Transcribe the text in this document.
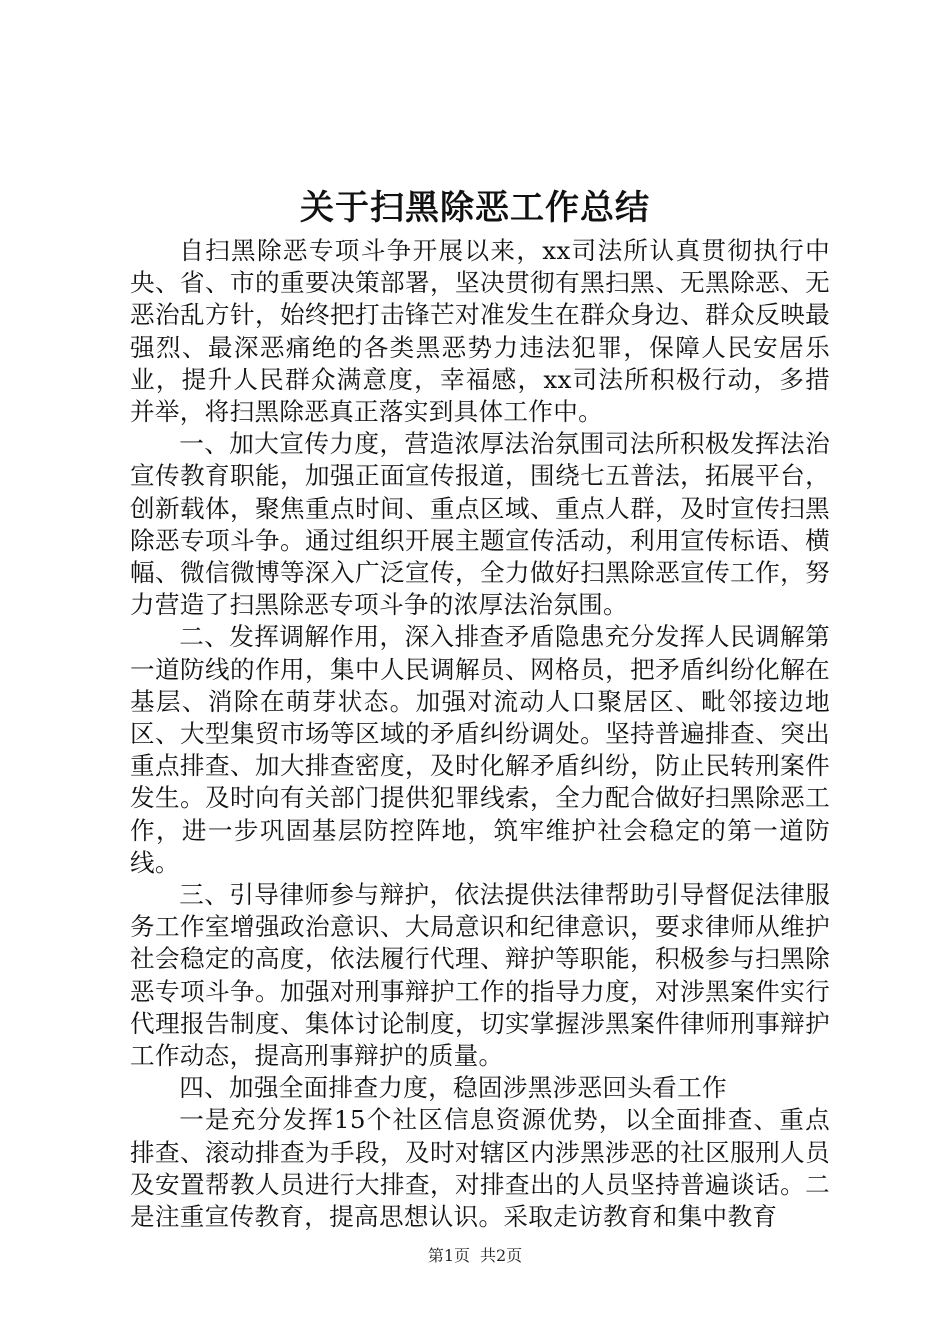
关于扫黑除恶工作总结

自扫黑除恶专项斗争开展以来，xx司法所认真贯彻执行中央、省、市的重要决策部署，坚决贯彻有黑扫黑、无黑除恶、无恶治乱方针，始终把打击锋芒对准发生在群众身边、群众反映最强烈、最深恶痛绝的各类黑恶势力违法犯罪，保障人民安居乐业，提升人民群众满意度，幸福感，xx司法所积极行动，多措并举，将扫黑除恶真正落实到具体工作中。

一、加大宣传力度，营造浓厚法治氛围司法所积极发挥法治宣传教育职能，加强正面宣传报道，围绕七五普法，拓展平台，创新载体，聚焦重点时间、重点区域、重点人群，及时宣传扫黑除恶专项斗争。通过组织开展主题宣传活动，利用宣传标语、横幅、微信微博等深入广泛宣传，全力做好扫黑除恶宣传工作，努力营造了扫黑除恶专项斗争的浓厚法治氛围。

二、发挥调解作用，深入排查矛盾隐患充分发挥人民调解第一道防线的作用，集中人民调解员、网格员，把矛盾纠纷化解在基层、消除在萌芽状态。加强对流动人口聚居区、毗邻接边地区、大型集贸市场等区域的矛盾纠纷调处。坚持普遍排查、突出重点排查、加大排查密度，及时化解矛盾纠纷，防止民转刑案件发生。及时向有关部门提供犯罪线索，全力配合做好扫黑除恶工作，进一步巩固基层防控阵地，筑牢维护社会稳定的第一道防线。

三、引导律师参与辩护，依法提供法律帮助引导督促法律服务工作室增强政治意识、大局意识和纪律意识，要求律师从维护社会稳定的高度，依法履行代理、辩护等职能，积极参与扫黑除恶专项斗争。加强对刑事辩护工作的指导力度，对涉黑案件实行代理报告制度、集体讨论制度，切实掌握涉黑案件律师刑事辩护工作动态，提高刑事辩护的质量。

四、加强全面排查力度，稳固涉黑涉恶回头看工作

一是充分发挥15个社区信息资源优势，以全面排查、重点排查、滚动排查为手段，及时对辖区内涉黑涉恶的社区服刑人员及安置帮教人员进行大排查，对排查出的人员坚持普遍谈话。二是注重宣传教育，提高思想认识。采取走访教育和集中教育

第1页 共2页
